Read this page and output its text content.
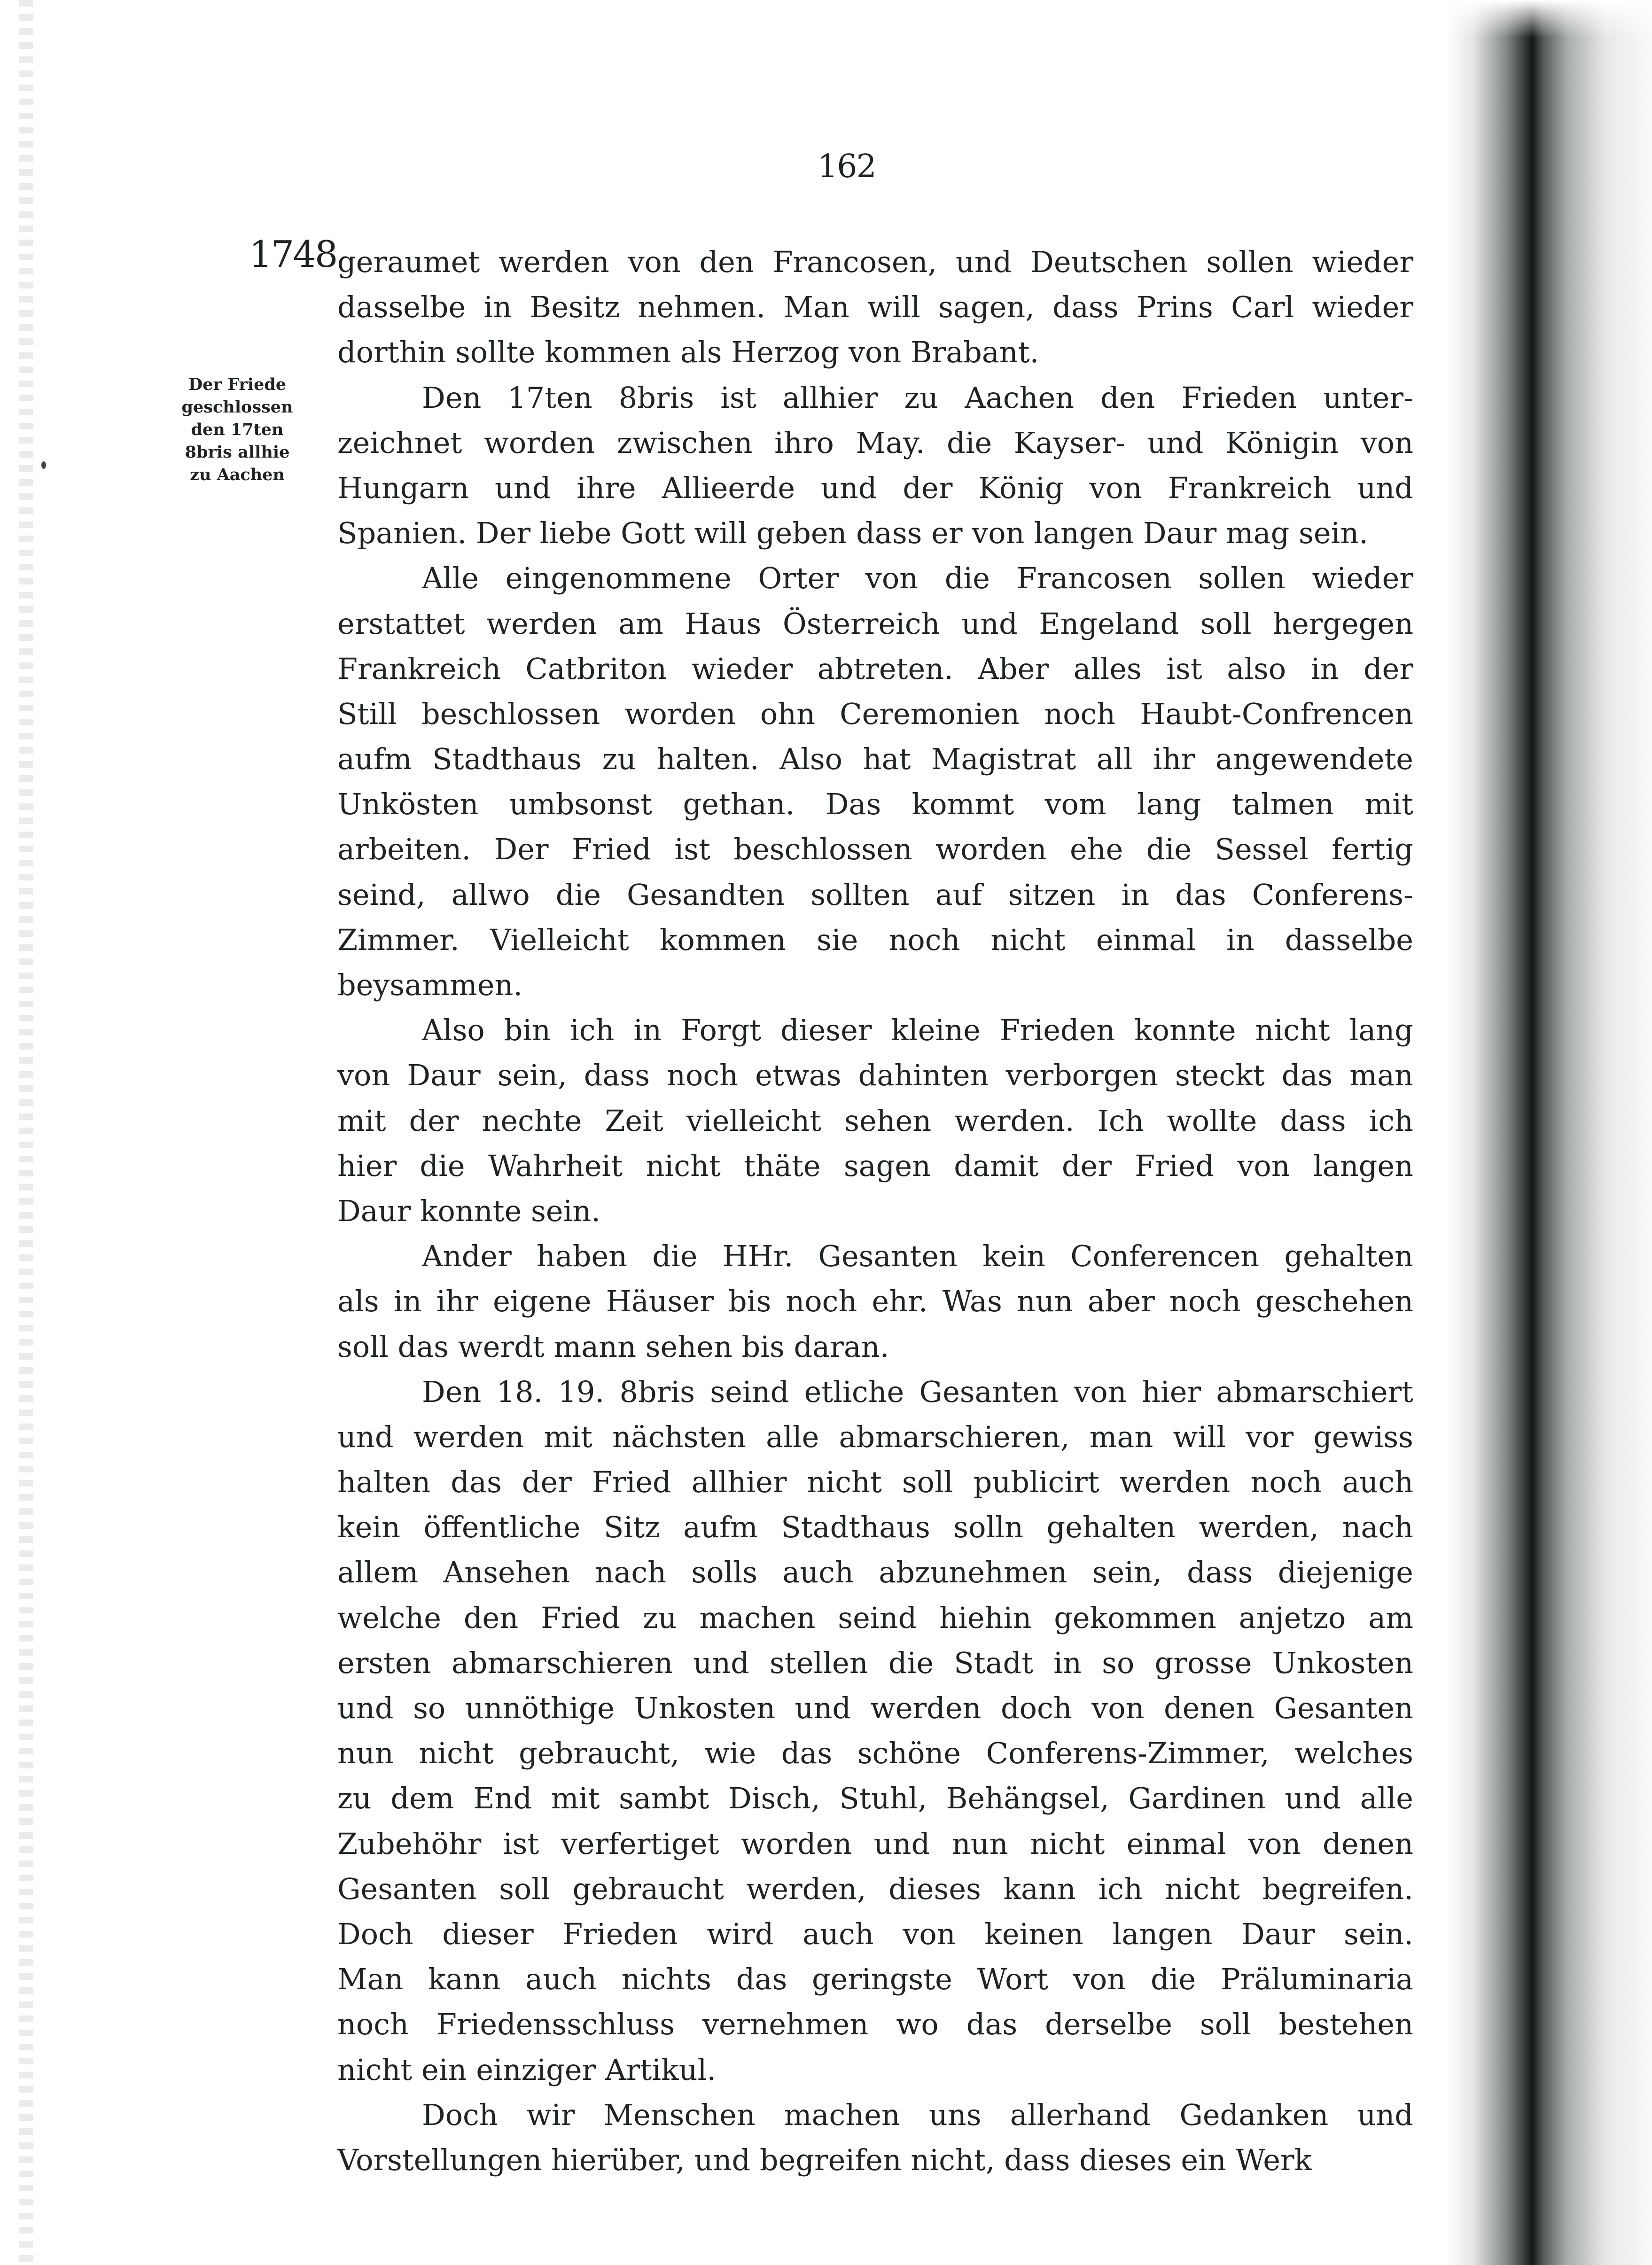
162
1748
Der Friede
geschlossen
den 17ten
8bris allhie
zu Aachen
geraumet werden von den Francosen, und Deutschen sollen wieder
dasselbe in Besitz nehmen. Man will sagen, dass Prins Carl wieder
dorthin sollte kommen als Herzog von Brabant.
Den 17ten 8bris ist allhier zu Aachen den Frieden unter-
zeichnet worden zwischen ihro May. die Kayser- und Königin von
Hungarn und ihre Allieerde und der König von Frankreich und
Spanien. Der liebe Gott will geben dass er von langen Daur mag sein.
Alle eingenommene Orter von die Francosen sollen wieder
erstattet werden am Haus Österreich und Engeland soll hergegen
Frankreich Catbriton wieder abtreten. Aber alles ist also in der
Still beschlossen worden ohn Ceremonien noch Haubt-Confrencen
aufm Stadthaus zu halten. Also hat Magistrat all ihr angewendete
Unkösten umbsonst gethan. Das kommt vom lang talmen mit
arbeiten. Der Fried ist beschlossen worden ehe die Sessel fertig
seind, allwo die Gesandten sollten auf sitzen in das Conferens-
Zimmer. Vielleicht kommen sie noch nicht einmal in dasselbe
beysammen.
Also bin ich in Forgt dieser kleine Frieden konnte nicht lang
von Daur sein, dass noch etwas dahinten verborgen steckt das man
mit der nechte Zeit vielleicht sehen werden. Ich wollte dass ich
hier die Wahrheit nicht thäte sagen damit der Fried von langen
Daur konnte sein.
Ander haben die HHr. Gesanten kein Conferencen gehalten
als in ihr eigene Häuser bis noch ehr. Was nun aber noch geschehen
soll das werdt mann sehen bis daran.
Den 18. 19. 8bris seind etliche Gesanten von hier abmarschiert
und werden mit nächsten alle abmarschieren, man will vor gewiss
halten das der Fried allhier nicht soll publicirt werden noch auch
kein öffentliche Sitz aufm Stadthaus solln gehalten werden, nach
allem Ansehen nach solls auch abzunehmen sein, dass diejenige
welche den Fried zu machen seind hiehin gekommen anjetzo am
ersten abmarschieren und stellen die Stadt in so grosse Unkosten
und so unnöthige Unkosten und werden doch von denen Gesanten
nun nicht gebraucht, wie das schöne Conferens-Zimmer, welches
zu dem End mit sambt Disch, Stuhl, Behängsel, Gardinen und alle
Zubehöhr ist verfertiget worden und nun nicht einmal von denen
Gesanten soll gebraucht werden, dieses kann ich nicht begreifen.
Doch dieser Frieden wird auch von keinen langen Daur sein.
Man kann auch nichts das geringste Wort von die Präluminaria
noch Friedensschluss vernehmen wo das derselbe soll bestehen
nicht ein einziger Artikul.
Doch wir Menschen machen uns allerhand Gedanken und
Vorstellungen hierüber, und begreifen nicht, dass dieses ein Werk
